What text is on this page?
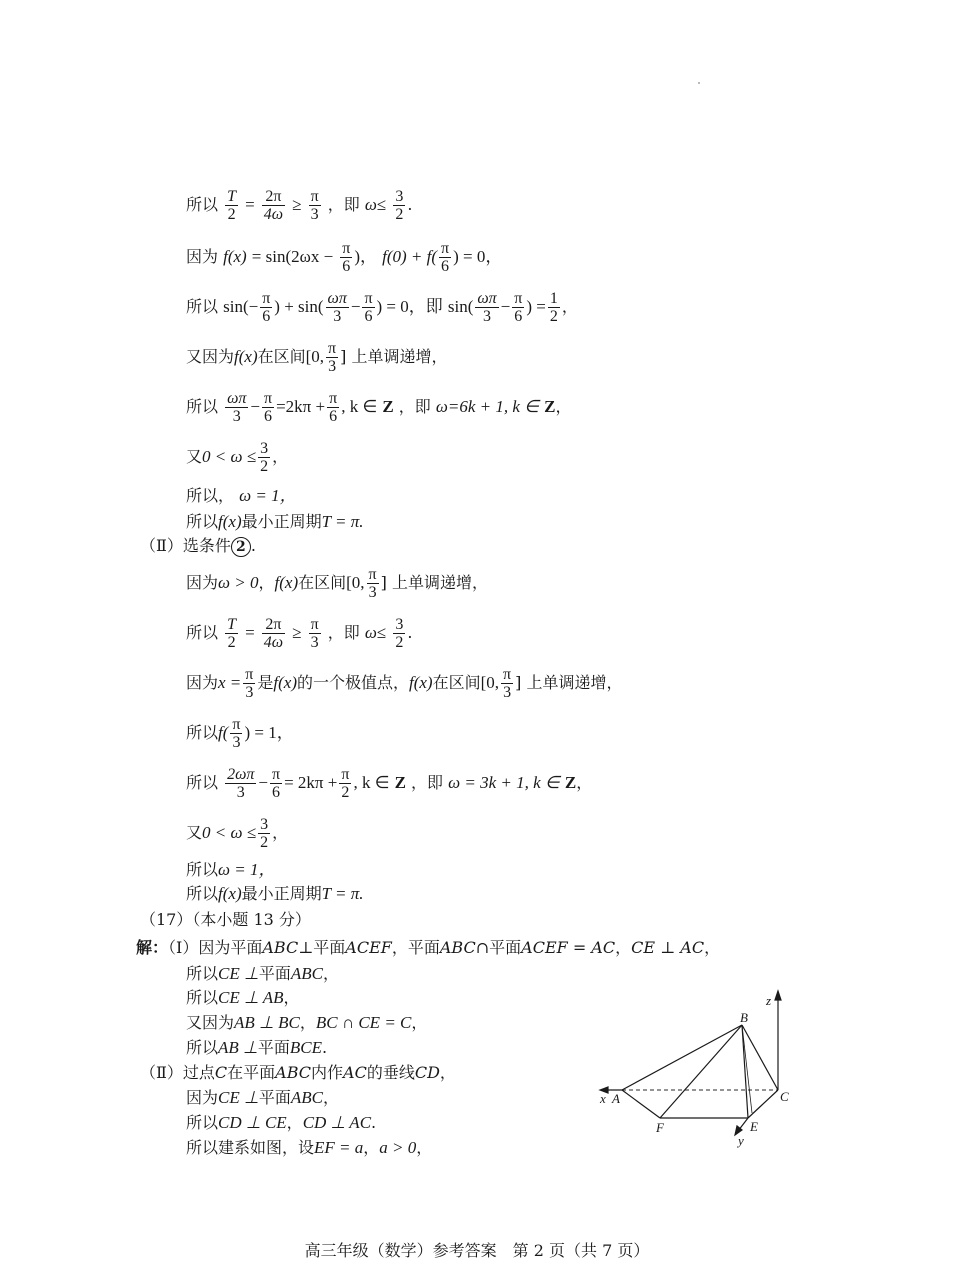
所以 $\frac{T}{2} = \frac{2\pi}{4\omega} \ge \frac{\pi}{3}$ ，即 $\omega\le \frac{3}{2}$ .
因为 $f(x) = \sin(2\omega x - \frac{\pi}{6}$ )， $f(0) + f( \frac{\pi}{6}$ ) = 0，
所以 $\sin(- \frac{\pi}{6}$ ) + $\sin( \frac{\omega\pi}{3} - \frac{\pi}{6}$ ) = 0，即 $\sin( \frac{\omega\pi}{3} - \frac{\pi}{6}$ ) = $\frac{1}{2}$ ，
又因为f(x)在区间[0, $\frac{\pi}{3}$ ] 上单调递增，
所以 $\frac{\omega\pi}{3} - \frac{\pi}{6} =2k\pi + \frac{\pi}{6}$ , k ∈ Z ，即 ω=6k + 1, k ∈ Z，
又$0 < \omega \le \frac{3}{2}$ ，
所以， ω = 1，
所以f(x)最小正周期T = π.
（Ⅱ）选条件 2 .
因为ω > 0，f(x)在区间[0, $\frac{\pi}{3}$ ] 上单调递增，
所以 $\frac{T}{2} = \frac{2\pi}{4\omega} \ge \frac{\pi}{3}$ ，即 $\omega\le \frac{3}{2}$ .
因为$x = \frac{\pi}{3}$ 是f(x)的一个极值点，f(x)在区间[0, $\frac{\pi}{3}$ ] 上单调递增，
所以$f( \frac{\pi}{3}$ ) = 1，
所以 $\frac{2\omega\pi}{3} - \frac{\pi}{6} = 2k\pi + \frac{\pi}{2}$ , k ∈ Z ，即 ω = 3k + 1, k ∈ Z，
又$0 < \omega \le \frac{3}{2}$ ，
所以ω = 1，
所以f(x)最小正周期T = π.
（17）（本小题 13 分）
解：（Ⅰ）因为平面ABC⊥平面ACEF，平面ABC∩平面ACEF = AC，CE ⊥ AC，
所以CE ⊥平面ABC，
所以CE ⊥ AB，
又因为AB ⊥ BC，BC ∩ CE = C，
所以AB ⊥平面BCE.
（Ⅱ）过点C在平面ABC内作AC的垂线CD，
因为CE ⊥平面ABC，
所以CD ⊥ CE，CD ⊥ AC.
所以建系如图，设EF = a，a > 0，
z
x A
B
C
E
F
y
高三年级（数学）参考答案　第 2 页（共 7 页）
